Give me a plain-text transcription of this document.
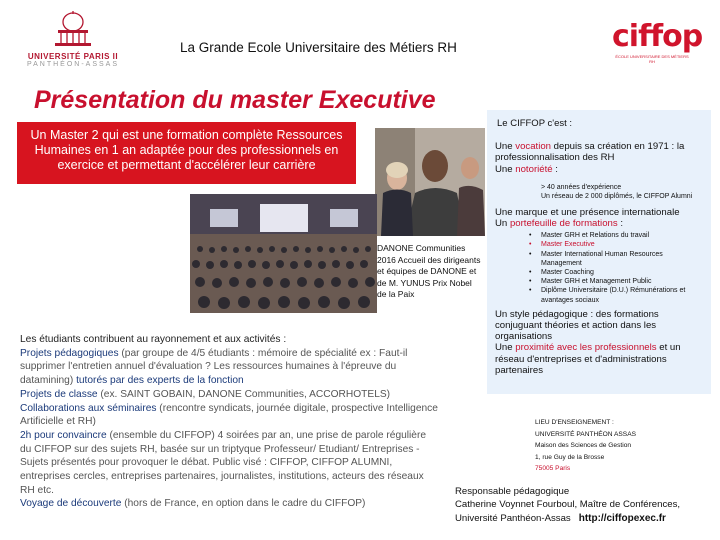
UNIVERSITÉ PARIS II
PANTHÉON-ASSAS
La Grande Ecole Universitaire des Métiers RH	ciffop
ÉCOLE UNIVERSITAIRE DES MÉTIERS RH
Présentation du master Executive
Un Master 2 qui est une formation complète Ressources Humaines en 1 an adaptée pour des professionnels en exercice et permettant d'accélérer leur carrière
DANONE Communities 2016 Accueil des dirigeants et équipes de DANONE et de M. YUNUS Prix Nobel de la Paix
Les étudiants contribuent au rayonnement et aux activités :
Projets pédagogiques (par groupe de 4/5 étudiants : mémoire de spécialité ex : Faut-il supprimer l'entretien annuel d'évaluation ? Les ressources humaines à l'épreuve du datamining) tutorés par des experts de la fonction
Projets de classe (ex. SAINT GOBAIN, DANONE Communities, ACCORHOTELS)
Collaborations aux séminaires (rencontre syndicats, journée digitale, prospective Intelligence Artificielle et RH)
2h pour convaincre (ensemble du CIFFOP) 4 soirées par an, une prise de parole régulière du CIFFOP sur des sujets RH, basée sur un triptyque Professeur/ Etudiant/ Entreprises - Sujets présentés pour provoquer le débat. Public visé : CIFFOP, CIFFOP ALUMNI, entreprises cercles, entreprises partenaires, journalistes, institutions, acteurs des réseaux RH etc.
Voyage de découverte (hors de France, en option dans le cadre du CIFFOP)
Le CIFFOP c'est :
Une vocation depuis sa création en 1971 : la professionnalisation des RH
Une notoriété :
> 40 années d'expérience
Un réseau de 2 000 diplômés, le CIFFOP Alumni
Une marque et une présence internationale
Un portefeuille de formations :
• Master GRH et Relations du travail
• Master Executive
• Master International Human Resources Management
• Master Coaching
• Master GRH et Management Public
• Diplôme Universitaire (D.U.) Rémunérations et avantages sociaux
Un style pédagogique : des formations conjuguant théories et action dans les organisations
Une proximité avec les professionnels et un réseau d'entreprises et d'administrations partenaires
LIEU D'ENSEIGNEMENT :
UNIVERSITÉ PANTHÉON ASSAS
Maison des Sciences de Gestion
1, rue Guy de la Brosse
75005 Paris
Responsable pédagogique
Catherine Voynnet Fourboul, Maître de Conférences,
Université Panthéon-Assas http://ciffopexec.fr
